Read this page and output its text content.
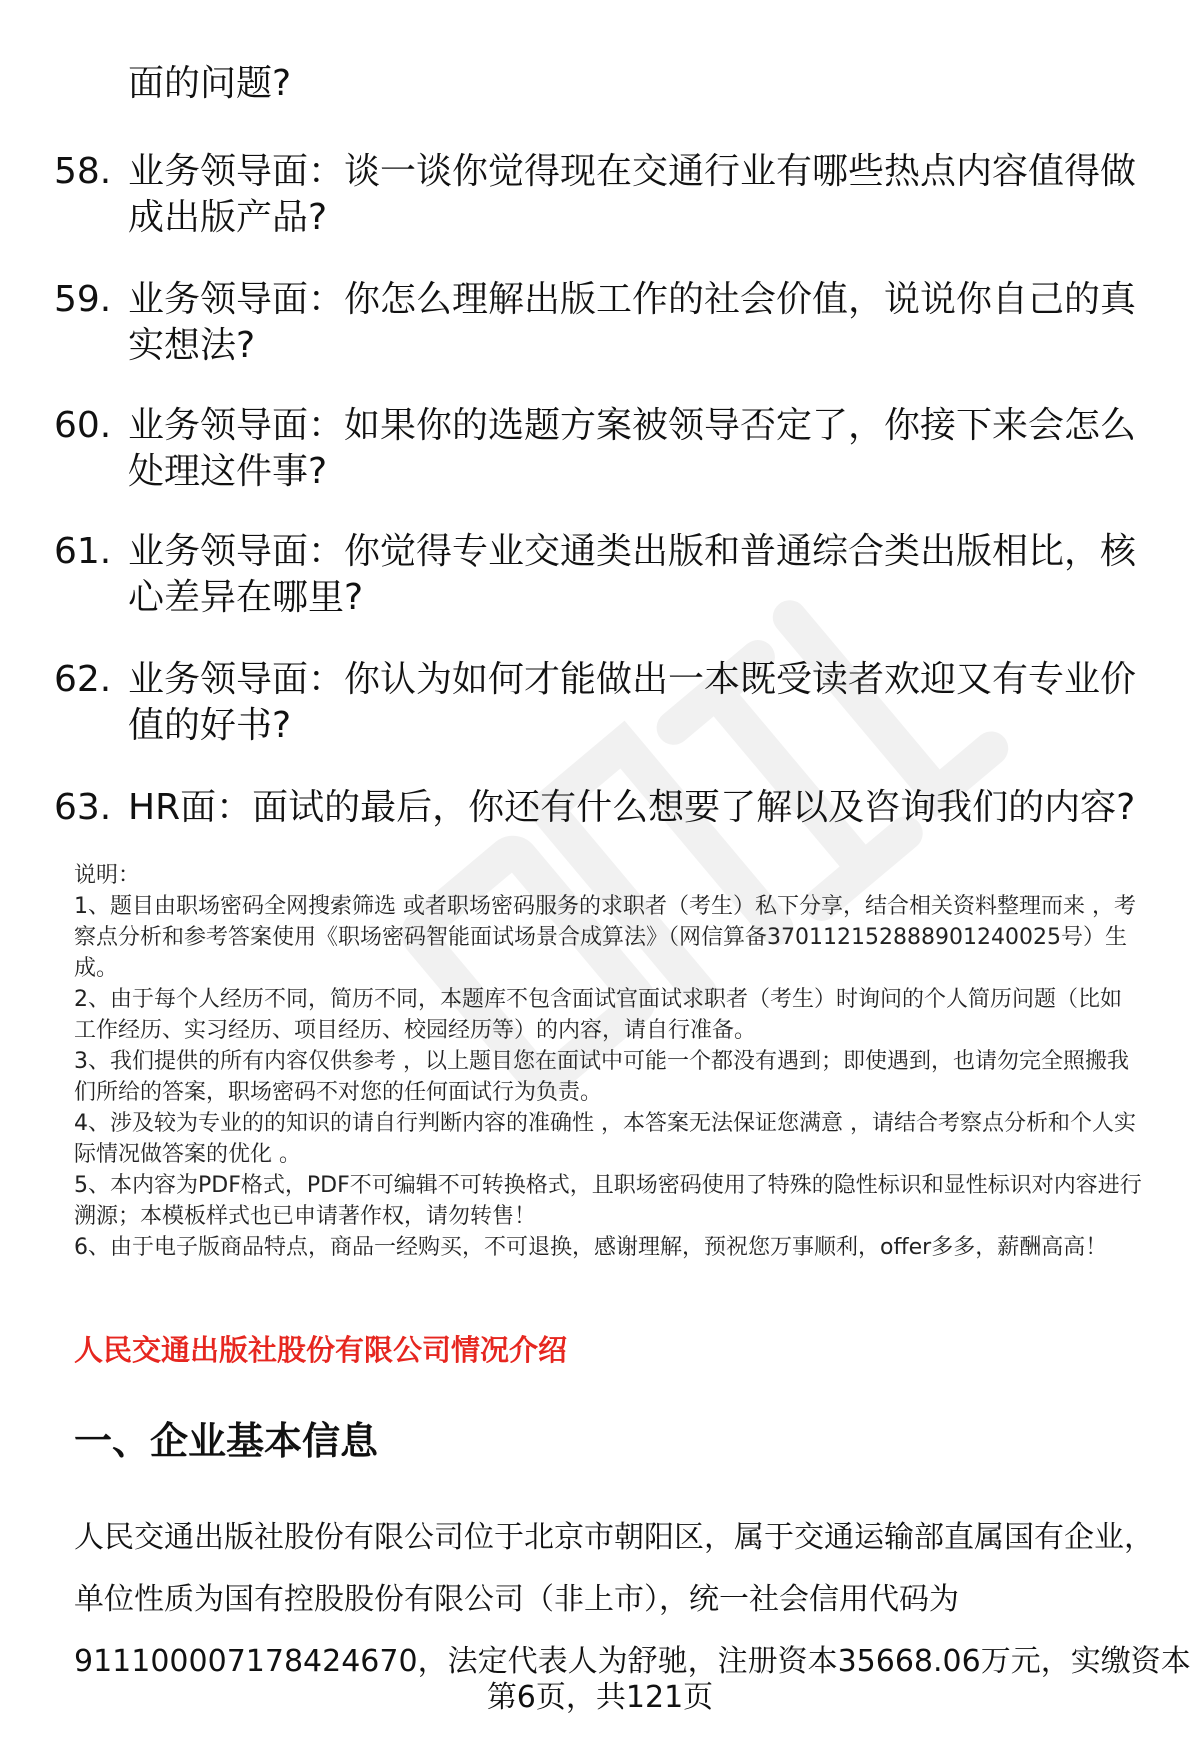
面的问题?
58. 业务领导面：谈一谈你觉得现在交通行业有哪些热点内容值得做
成出版产品?
59. 业务领导面：你怎么理解出版工作的社会价值，说说你自己的真
实想法?
60. 业务领导面：如果你的选题方案被领导否定了，你接下来会怎么
处理这件事?
61. 业务领导面：你觉得专业交通类出版和普通综合类出版相比，核
心差异在哪里?
62. 业务领导面：你认为如何才能做出一本既受读者欢迎又有专业价
值的好书?
63. HR面：面试的最后，你还有什么想要了解以及咨询我们的内容?
说明：
1、题目由职场密码全网搜索筛选 或者职场密码服务的求职者（考生）私下分享，结合相关资料整理而来 ，考
察点分析和参考答案使用《职场密码智能面试场景合成算法》（网信算备370112152888901240025号）生
成。
2、由于每个人经历不同，简历不同，本题库不包含面试官面试求职者（考生）时询问的个人简历问题（比如
工作经历、实习经历、项目经历、校园经历等）的内容，请自行准备。
3、我们提供的所有内容仅供参考 ，以上题目您在面试中可能一个都没有遇到；即使遇到，也请勿完全照搬我
们所给的答案，职场密码不对您的任何面试行为负责。
4、涉及较为专业的的知识的请自行判断内容的准确性 ，本答案无法保证您满意 ，请结合考察点分析和个人实
际情况做答案的优化 。
5、本内容为PDF格式，PDF不可编辑不可转换格式，且职场密码使用了特殊的隐性标识和显性标识对内容进行
溯源；本模板样式也已申请著作权，请勿转售！
6、由于电子版商品特点，商品一经购买，不可退换，感谢理解，预祝您万事顺利，offer多多，薪酬高高！
人民交通出版社股份有限公司情况介绍
一、企业基本信息
人民交通出版社股份有限公司位于北京市朝阳区，属于交通运输部直属国有企业，
单位性质为国有控股股份有限公司（非上市），统一社会信用代码为
911100007178424670，法定代表人为舒驰，注册资本35668.06万元，实缴资本
第6页，共121页
